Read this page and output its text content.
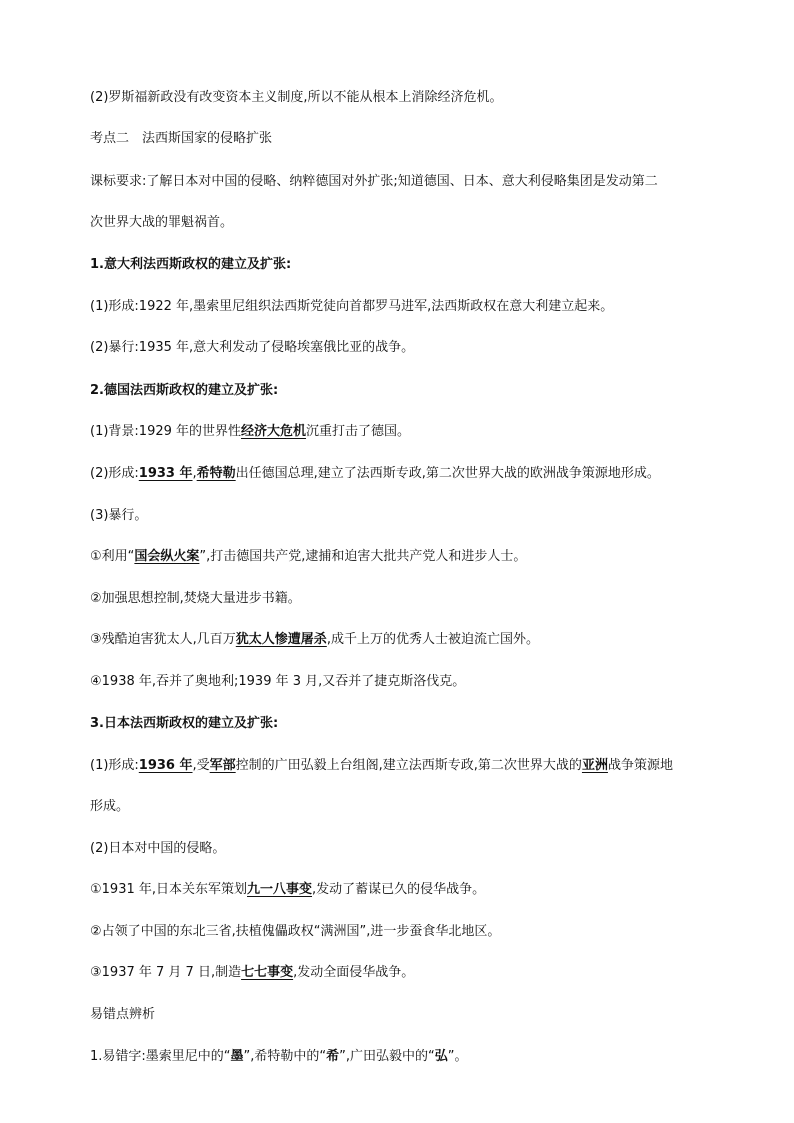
(2)罗斯福新政没有改变资本主义制度,所以不能从根本上消除经济危机。
考点二　法西斯国家的侵略扩张
课标要求:了解日本对中国的侵略、纳粹德国对外扩张;知道德国、日本、意大利侵略集团是发动第二
次世界大战的罪魁祸首。
1.意大利法西斯政权的建立及扩张:
(1)形成:1922 年,墨索里尼组织法西斯党徒向首都罗马进军,法西斯政权在意大利建立起来。
(2)暴行:1935 年,意大利发动了侵略埃塞俄比亚的战争。
2.德国法西斯政权的建立及扩张:
(1)背景:1929 年的世界性经济大危机沉重打击了德国。
(2)形成:1933 年,希特勒出任德国总理,建立了法西斯专政,第二次世界大战的欧洲战争策源地形成。
(3)暴行。
①利用“国会纵火案”,打击德国共产党,逮捕和迫害大批共产党人和进步人士。
②加强思想控制,焚烧大量进步书籍。
③残酷迫害犹太人,几百万犹太人惨遭屠杀,成千上万的优秀人士被迫流亡国外。
④1938 年,吞并了奥地利;1939 年 3 月,又吞并了捷克斯洛伐克。
3.日本法西斯政权的建立及扩张:
(1)形成:1936 年,受军部控制的广田弘毅上台组阁,建立法西斯专政,第二次世界大战的亚洲战争策源地
形成。
(2)日本对中国的侵略。
①1931 年,日本关东军策划九一八事变,发动了蓄谋已久的侵华战争。
②占领了中国的东北三省,扶植傀儡政权“满洲国”,进一步蚕食华北地区。
③1937 年 7 月 7 日,制造七七事变,发动全面侵华战争。
易错点辨析
1.易错字:墨索里尼中的“墨”,希特勒中的“希”,广田弘毅中的“弘”。
